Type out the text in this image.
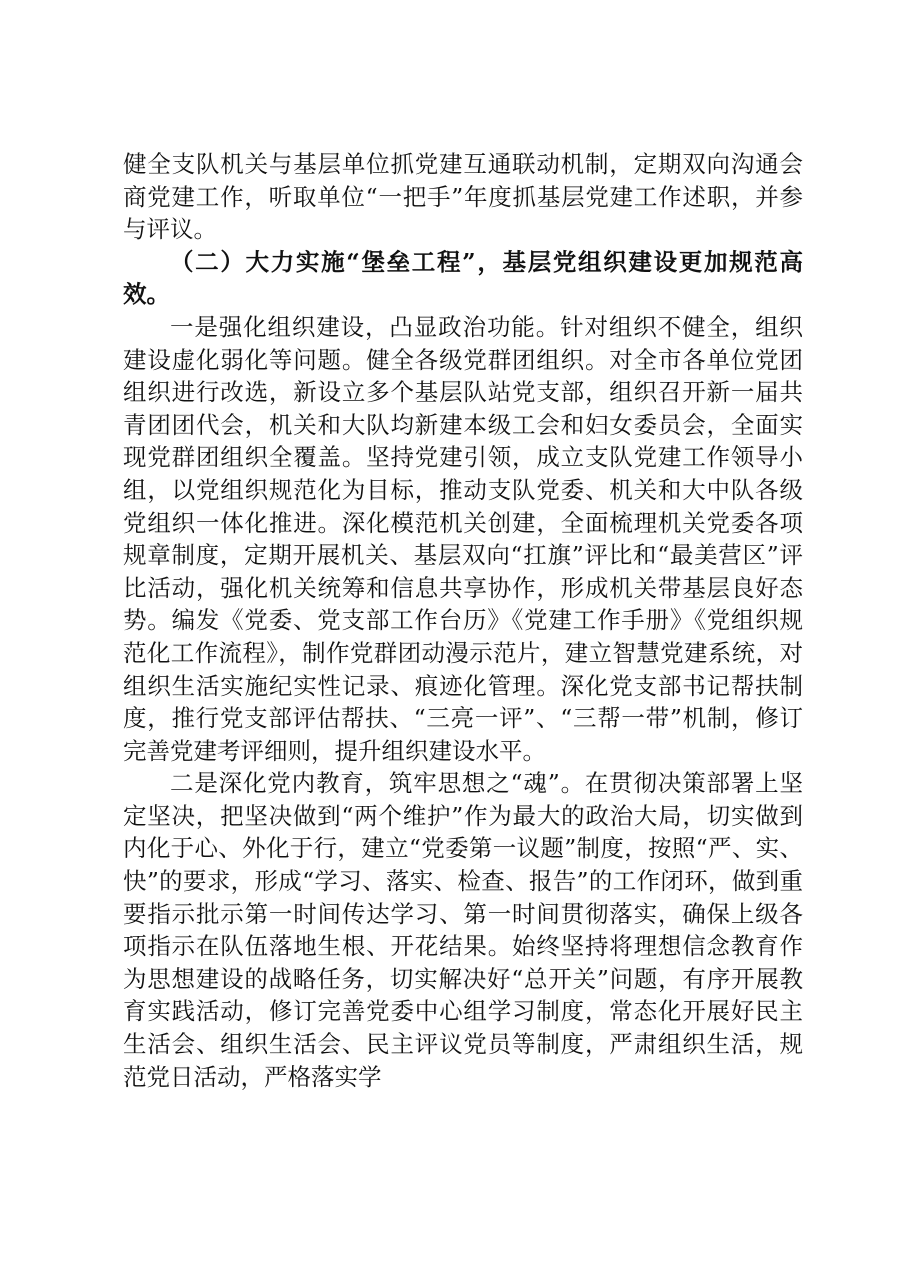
健全支队机关与基层单位抓党建互通联动机制，定期双向沟通会商党建工作，听取单位“一把手”年度抓基层党建工作述职，并参与评议。

（二）大力实施“堡垒工程”，基层党组织建设更加规范高效。

一是强化组织建设，凸显政治功能。针对组织不健全，组织建设虚化弱化等问题。健全各级党群团组织。对全市各单位党团组织进行改选，新设立多个基层队站党支部，组织召开新一届共青团团代会，机关和大队均新建本级工会和妇女委员会，全面实现党群团组织全覆盖。坚持党建引领，成立支队党建工作领导小组，以党组织规范化为目标，推动支队党委、机关和大中队各级党组织一体化推进。深化模范机关创建，全面梳理机关党委各项规章制度，定期开展机关、基层双向“扛旗”评比和“最美营区”评比活动，强化机关统筹和信息共享协作，形成机关带基层良好态势。编发《党委、党支部工作台历》《党建工作手册》《党组织规范化工作流程》，制作党群团动漫示范片，建立智慧党建系统，对组织生活实施纪实性记录、痕迹化管理。深化党支部书记帮扶制度，推行党支部评估帮扶、“三亮一评”、“三帮一带”机制，修订完善党建考评细则，提升组织建设水平。

二是深化党内教育，筑牢思想之“魂”。在贯彻决策部署上坚定坚决，把坚决做到“两个维护”作为最大的政治大局，切实做到内化于心、外化于行，建立“党委第一议题”制度，按照“严、实、快”的要求，形成“学习、落实、检查、报告”的工作闭环，做到重要指示批示第一时间传达学习、第一时间贯彻落实，确保上级各项指示在队伍落地生根、开花结果。始终坚持将理想信念教育作为思想建设的战略任务，切实解决好“总开关”问题，有序开展教育实践活动，修订完善党委中心组学习制度，常态化开展好民主生活会、组织生活会、民主评议党员等制度，严肃组织生活，规范党日活动，严格落实学
